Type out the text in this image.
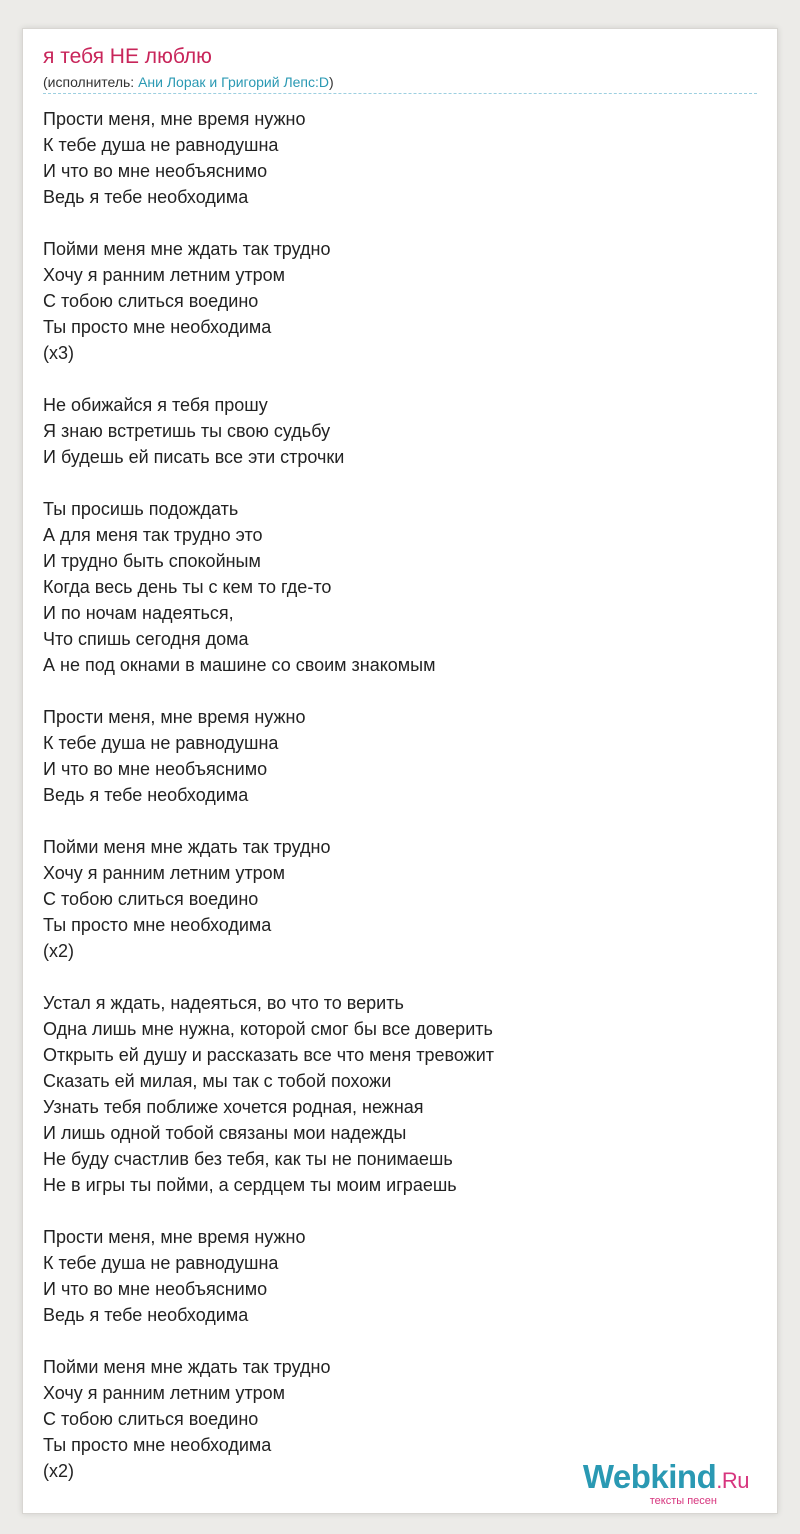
я тебя НЕ люблю
(исполнитель: Ани Лорак и Григорий Лепс:D)
Прости меня, мне время нужно
К тебе душа не равнодушна
И что во мне необъяснимо
Ведь я тебе необходима
Пойми меня мне ждать так трудно
Хочу я ранним летним утром
С тобою слиться воедино
Ты просто мне необходима
(x3)
Не обижайся я тебя прошу
Я знаю встретишь ты свою судьбу
И будешь ей писать все эти строчки
Ты просишь подождать
А для меня так трудно это
И трудно быть спокойным
Когда весь день ты с кем то где-то
И по ночам надеяться,
Что спишь сегодня дома
А не под окнами в машине со своим знакомым
Прости меня, мне время нужно
К тебе душа не равнодушна
И что во мне необъяснимо
Ведь я тебе необходима
Пойми меня мне ждать так трудно
Хочу я ранним летним утром
С тобою слиться воедино
Ты просто мне необходима
(x2)
Устал я ждать, надеяться, во что то верить
Одна лишь мне нужна, которой смог бы все доверить
Открыть ей душу и рассказать все что меня тревожит
Сказать ей милая, мы так с тобой похожи
Узнать тебя поближе хочется родная, нежная
И лишь одной тобой связаны мои надежды
Не буду счастлив без тебя, как ты не понимаешь
Не в игры ты пойми, а сердцем ты моим играешь
Прости меня, мне время нужно
К тебе душа не равнодушна
И что во мне необъяснимо
Ведь я тебе необходима
Пойми меня мне ждать так трудно
Хочу я ранним летним утром
С тобою слиться воедино
Ты просто мне необходима
(x2)	Webkind.Ru
тексты песен
